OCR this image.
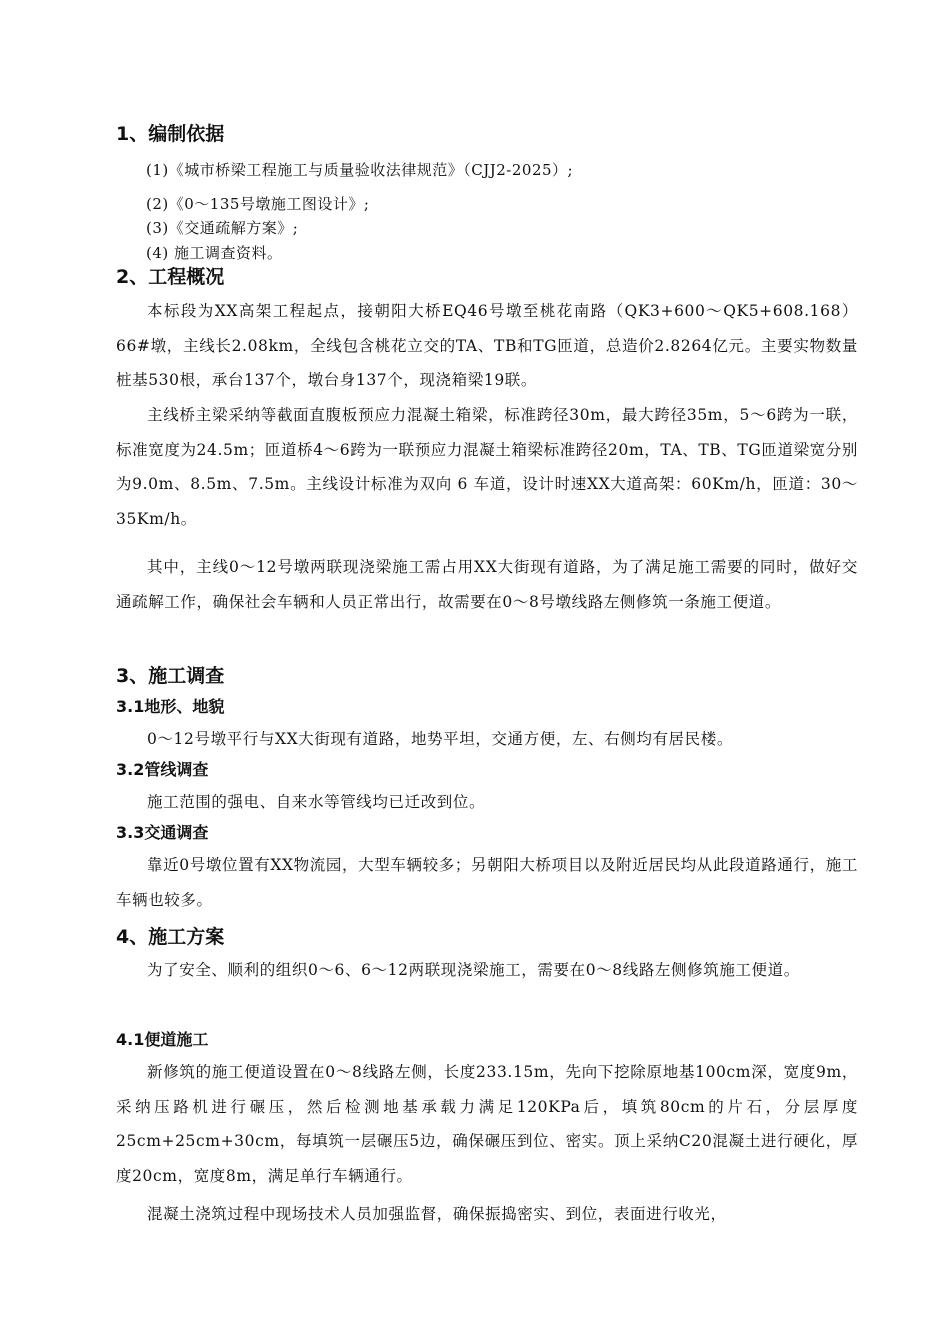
1、编制依据
(1)《城市桥梁工程施工与质量验收法律规范》（CJJ2-2025）;
(2)《0～135号墩施工图设计》;
(3)《交通疏解方案》;
(4) 施工调查资料。
2、工程概况

本标段为XX高架工程起点，接朝阳大桥EQ46号墩至桃花南路（QK3+600～QK5+608.168）66#墩，主线长2.08km，全线包含桃花立交的TA、TB和TG匝道，总造价2.8264亿元。主要实物数量桩基530根，承台137个，墩台身137个，现浇箱梁19联。

主线桥主梁采纳等截面直腹板预应力混凝土箱梁，标准跨径30m，最大跨径35m，5～6跨为一联，标准宽度为24.5m；匝道桥4～6跨为一联预应力混凝土箱梁标准跨径20m，TA、TB、TG匝道梁宽分别为9.0m、8.5m、7.5m。主线设计标准为双向 6 车道，设计时速XX大道高架：60Km/h，匝道：30～35Km/h。

其中，主线0～12号墩两联现浇梁施工需占用XX大街现有道路，为了满足施工需要的同时，做好交通疏解工作，确保社会车辆和人员正常出行，故需要在0～8号墩线路左侧修筑一条施工便道。

3、施工调查
3.1地形、地貌

0～12号墩平行与XX大街现有道路，地势平坦，交通方便，左、右侧均有居民楼。

3.2管线调查

施工范围的强电、自来水等管线均已迁改到位。

3.3交通调查

靠近0号墩位置有XX物流园，大型车辆较多；另朝阳大桥项目以及附近居民均从此段道路通行，施工车辆也较多。

4、施工方案

为了安全、顺利的组织0～6、6～12两联现浇梁施工，需要在0～8线路左侧修筑施工便道。

4.1便道施工

新修筑的施工便道设置在0～8线路左侧，长度233.15m，先向下挖除原地基100cm深，宽度9m，采纳压路机进行碾压，然后检测地基承载力满足120KPa后，填筑80cm的片石，分层厚度25cm+25cm+30cm，每填筑一层碾压5边，确保碾压到位、密实。顶上采纳C20混凝土进行硬化，厚度20cm，宽度8m，满足单行车辆通行。

混凝土浇筑过程中现场技术人员加强监督，确保振捣密实、到位，表面进行收光，
